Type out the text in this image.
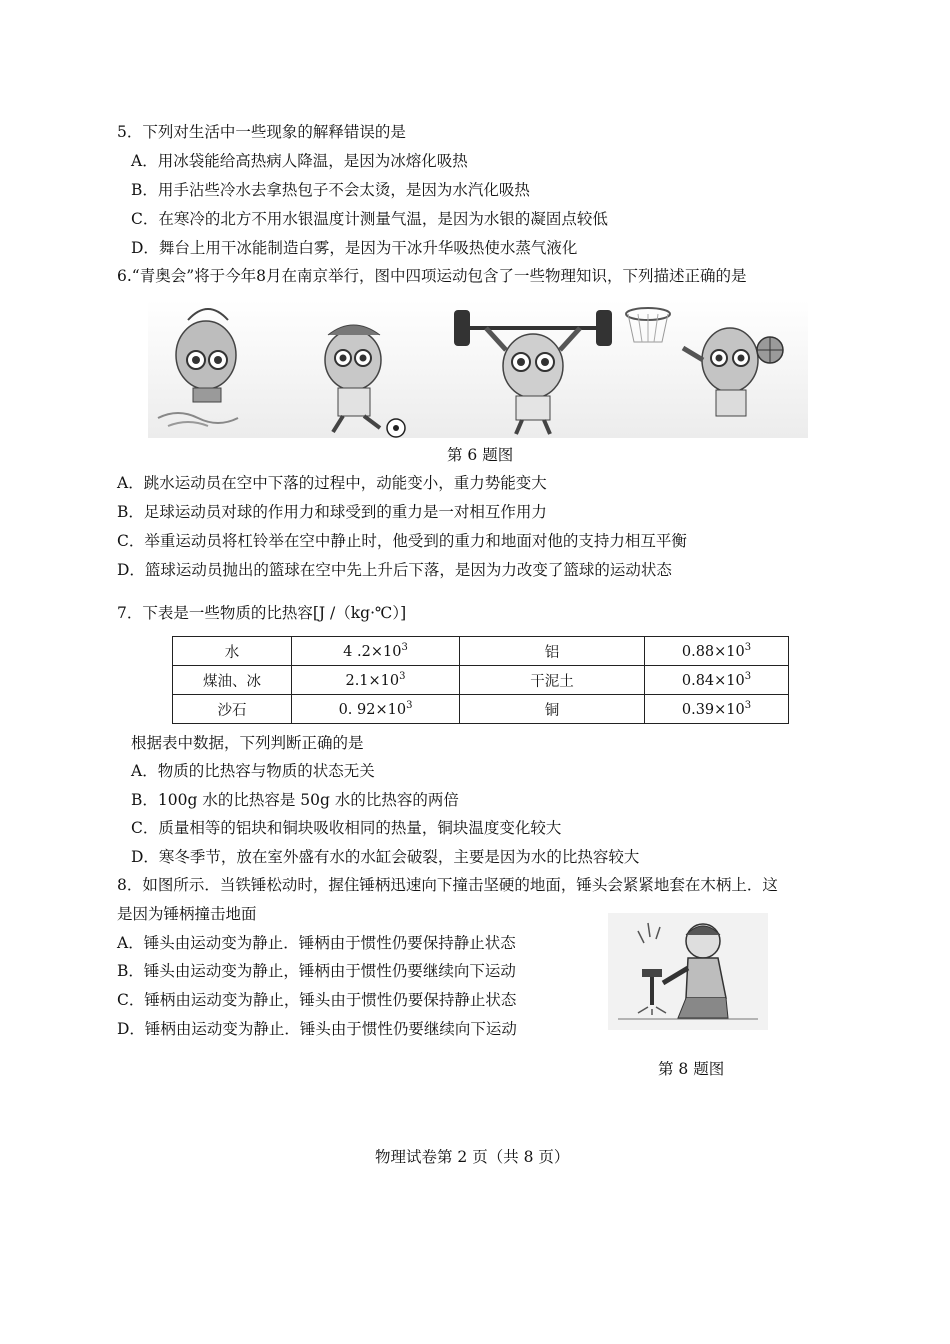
5．下列对生活中一些现象的解释错误的是
A．用冰袋能给高热病人降温，是因为冰熔化吸热
B．用手沾些冷水去拿热包子不会太烫，是因为水汽化吸热
C．在寒冷的北方不用水银温度计测量气温，是因为水银的凝固点较低
D．舞台上用干冰能制造白雾，是因为干冰升华吸热使水蒸气液化
6.“青奥会”将于今年8月在南京举行，图中四项运动包含了一些物理知识，下列描述正确的是
第 6 题图
A．跳水运动员在空中下落的过程中，动能变小，重力势能变大
B．足球运动员对球的作用力和球受到的重力是一对相互作用力
C．举重运动员将杠铃举在空中静止时，他受到的重力和地面对他的支持力相互平衡
D．篮球运动员抛出的篮球在空中先上升后下落，是因为力改变了篮球的运动状态
7．下表是一些物质的比热容[J /（kg·℃）]
水	4 $.2\times 10^3$	铝	$0.88\times 10^3$
煤油、冰	$2.1\times 10^3$	干泥土	$0.84\times 10^3$
沙石	0. $92\times 10^3$	铜	$0.39\times 10^3$
根据表中数据，下列判断正确的是
A．物质的比热容与物质的状态无关
B．100g 水的比热容是 50g 水的比热容的两倍
C．质量相等的铝块和铜块吸收相同的热量，铜块温度变化较大
D．寒冬季节，放在室外盛有水的水缸会破裂，主要是因为水的比热容较大
8．如图所示．当铁锤松动时，握住锤柄迅速向下撞击坚硬的地面，锤头会紧紧地套在木柄上．这
是因为锤柄撞击地面
A．锤头由运动变为静止．锤柄由于惯性仍要保持静止状态
B．锤头由运动变为静止，锤柄由于惯性仍要继续向下运动
C．锤柄由运动变为静止，锤头由于惯性仍要保持静止状态
D．锤柄由运动变为静止．锤头由于惯性仍要继续向下运动
第 8 题图
物理试卷第 2 页（共 8 页）
